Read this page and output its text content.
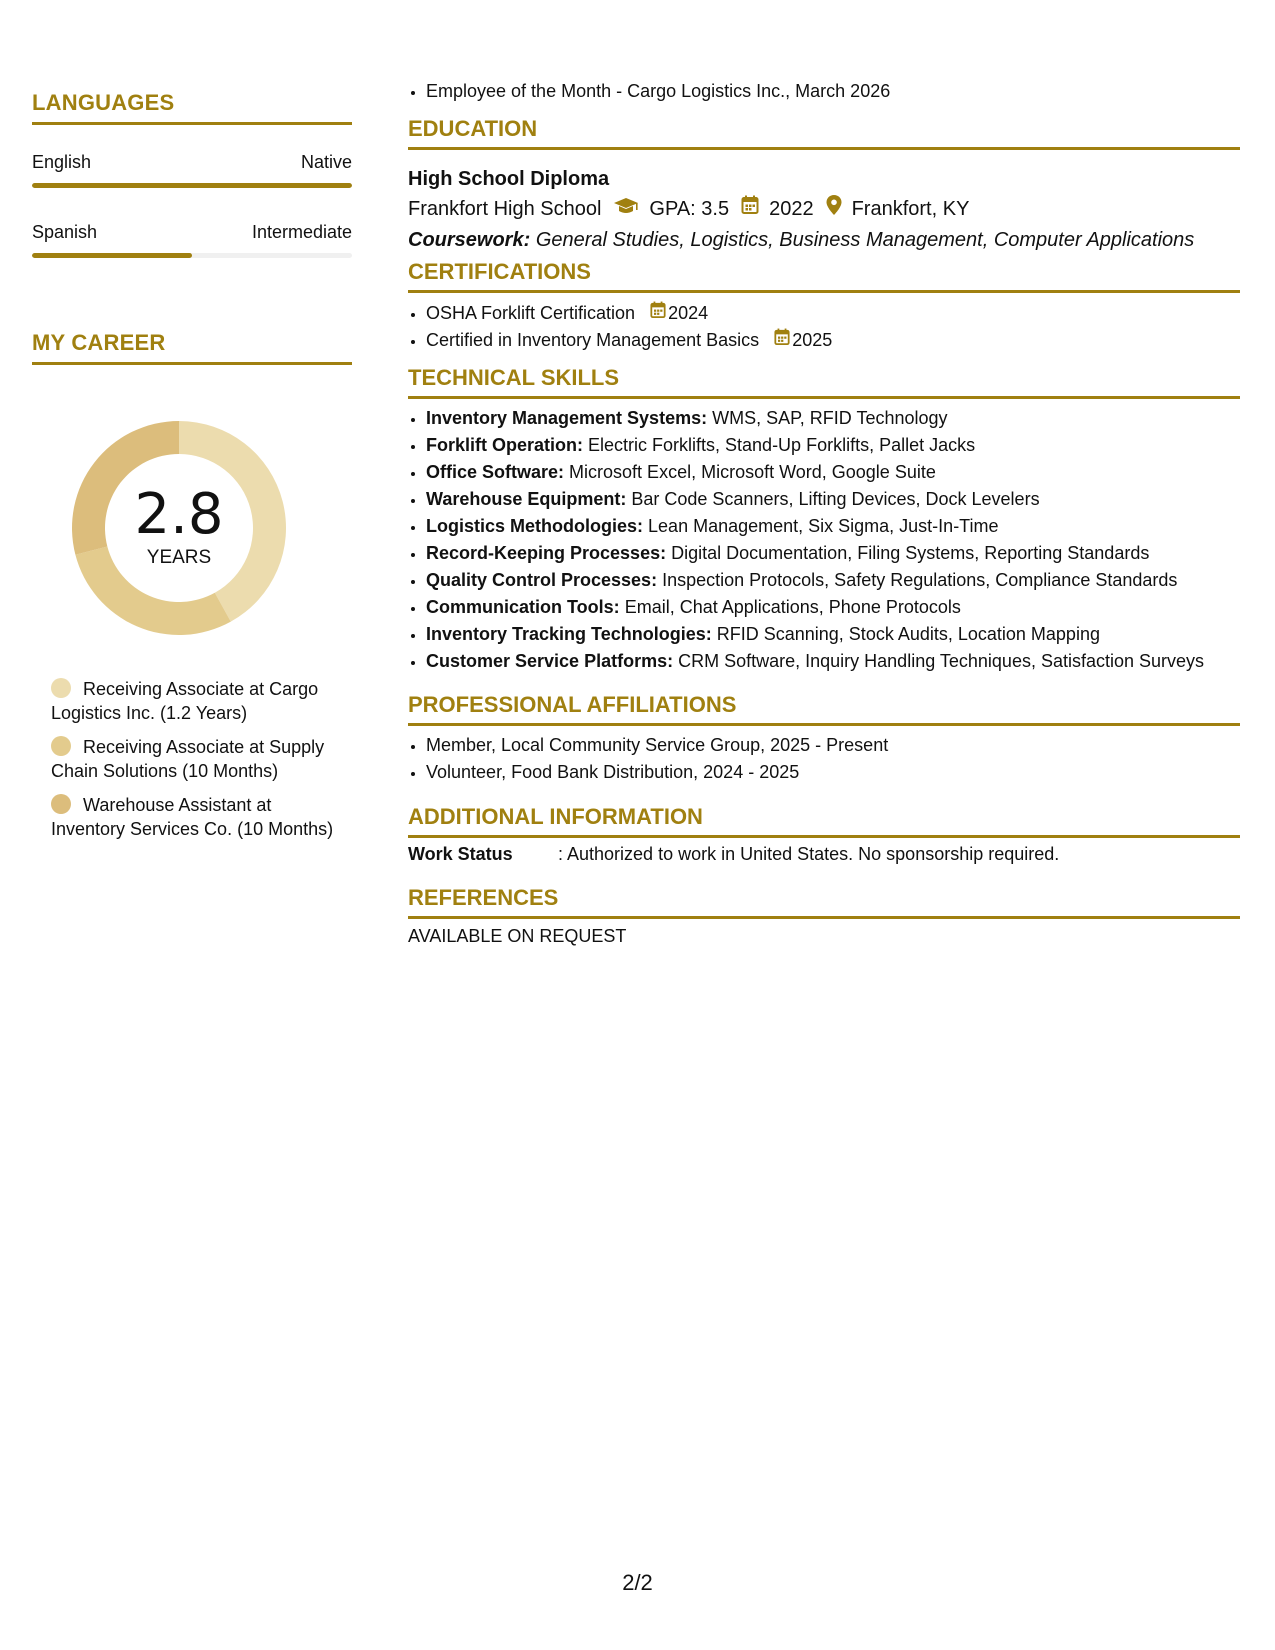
LANGUAGES
English	Native
Spanish	Intermediate
MY CAREER
2.8
YEARS
Receiving Associate at Cargo Logistics Inc. (1.2 Years)
Receiving Associate at Supply Chain Solutions (10 Months)
Warehouse Assistant at Inventory Services Co. (10 Months)
• Employee of the Month - Cargo Logistics Inc., March 2026
EDUCATION
High School Diploma
Frankfort High School GPA: 3.5 2022 Frankfort, KY
Coursework: General Studies, Logistics, Business Management, Computer Applications
CERTIFICATIONS
• OSHA Forklift Certification 2024
• Certified in Inventory Management Basics 2025
TECHNICAL SKILLS
• Inventory Management Systems: WMS, SAP, RFID Technology
• Forklift Operation: Electric Forklifts, Stand-Up Forklifts, Pallet Jacks
• Office Software: Microsoft Excel, Microsoft Word, Google Suite
• Warehouse Equipment: Bar Code Scanners, Lifting Devices, Dock Levelers
• Logistics Methodologies: Lean Management, Six Sigma, Just-In-Time
• Record-Keeping Processes: Digital Documentation, Filing Systems, Reporting Standards
• Quality Control Processes: Inspection Protocols, Safety Regulations, Compliance Standards
• Communication Tools: Email, Chat Applications, Phone Protocols
• Inventory Tracking Technologies: RFID Scanning, Stock Audits, Location Mapping
• Customer Service Platforms: CRM Software, Inquiry Handling Techniques, Satisfaction Surveys
PROFESSIONAL AFFILIATIONS
• Member, Local Community Service Group, 2025 - Present
• Volunteer, Food Bank Distribution, 2024 - 2025
ADDITIONAL INFORMATION
Work Status	: Authorized to work in United States. No sponsorship required.
REFERENCES
AVAILABLE ON REQUEST
2/2
